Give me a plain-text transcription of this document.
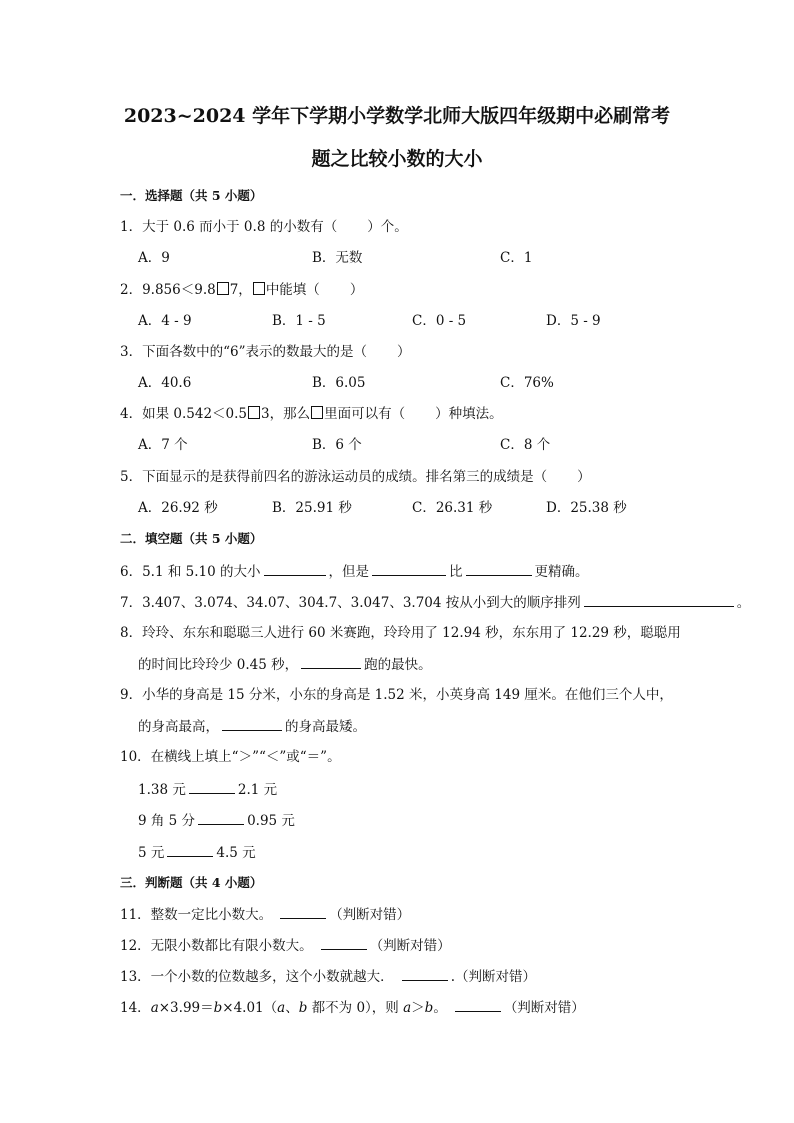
2023~2024 学年下学期小学数学北师大版四年级期中必刷常考
题之比较小数的大小
一．选择题（共 5 小题）
1．大于 0.6 而小于 0.8 的小数有（ ）个。
A．9	B．无数	C．1
2．9.856＜9.8 7， 中能填（ ）
A．4 - 9	B．1 - 5	C．0 - 5	D．5 - 9
3．下面各数中的“6”表示的数最大的是（ ）
A．40.6	B．6.05	C．76%
4．如果 0.542＜0.5 3，那么 里面可以有（ ）种填法。
A．7 个	B．6 个	C．8 个
5．下面显示的是获得前四名的游泳运动员的成绩。排名第三的成绩是（ ）
A．26.92 秒	B．25.91 秒	C．26.31 秒	D．25.38 秒
二．填空题（共 5 小题）
6．5.1 和 5.10 的大小	，但是	比	更精确。
7．3.407、3.074、34.07、304.7、3.047、3.704 按从小到大的顺序排列	。
8．玲玲、东东和聪聪三人进行 60 米赛跑，玲玲用了 12.94 秒，东东用了 12.29 秒，聪聪用
的时间比玲玲少 0.45 秒，	跑的最快。
9．小华的身高是 15 分米，小东的身高是 1.52 米，小英身高 149 厘米。在他们三个人中，
的身高最高，	的身高最矮。
10．在横线上填上“＞”“＜”或“＝”。
1.38 元	2.1 元
9 角 5 分	0.95 元
5 元	4.5 元
三．判断题（共 4 小题）
11．整数一定比小数大。	（判断对错）
12．无限小数都比有限小数大。	（判断对错）
13．一个小数的位数越多，这个小数就越大．	.（判断对错）
14．a×3.99＝b×4.01（a、b 都不为 0），则 a＞b。	（判断对错）
